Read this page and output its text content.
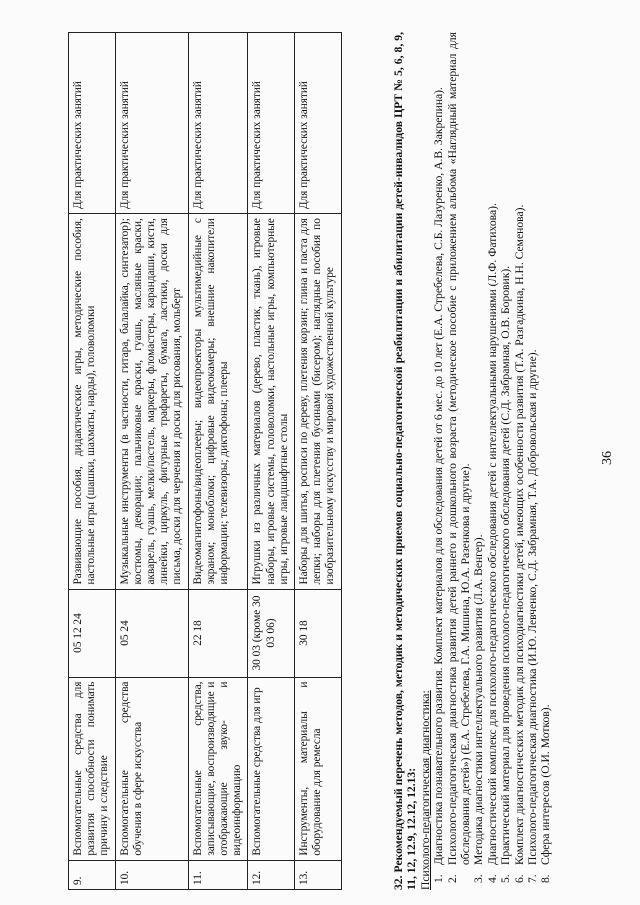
36
9.	Вспомогательные средства для развития способности понимать причину и следствие	05 12 24	Развивающие пособия, дидактические игры, методические пособия, настольные игры (шашки, шахматы, нарды), головоломки	Для практических занятий
10.	Вспомогательные средства обучения в сфере искусства	05 24	Музыкальные инструменты (в частности, гитара, балалайка, синтезатор); костюмы, декорации; пальчиковые краски, гуашь, масляные краски, акварель, гуашь, мелки/пастель, маркеры, фломастеры, карандаши, кисти, линейки, циркуль, фигурные трафареты, бумага, ластики, доски для письма, доски для черчения и доски для рисования, мольберт	Для практических занятий
11.	Вспомогательные средства, записывающие, воспроизводящие и отображающие звуко- и видеоинформацию	22 18	Видеомагнитофоны/видеоплееры; видеопроекторы мультимедийные с экраном; моноблоки; цифровые видеокамеры; внешние накопители информации; телевизоры; диктофоны; плееры	Для практических занятий
12.	Вспомогательные средства для игр	30 03 (кроме 30 03 06)	Игрушки из различных материалов (дерево, пластик, ткань), игровые наборы, игровые системы, головоломки, настольные игры, компьютерные игры, игровые ландшафтные столы	Для практических занятий
13.	Инструменты, материалы и оборудование для ремесла	30 18	Наборы для шитья, росписи по дереву, плетения корзин; глина и паста для лепки; наборы для плетения бусинами (бисером); наглядные пособия по изобразительному искусству и мировой художественной культуре	Для практических занятий	32. Рекомендуемый перечень методов, методик и методических приемов социально-педагогической реабилитации и абилитации детей-инвалидов ЦРТ № 5, 6, 8, 9, 11, 12, 12.9, 12.12, 12.13: Психолого-педагогическая диагностика: 1.
Диагностика познавательного развития. Комплект материалов для обследования детей от 6 мес. до 10 лет (Е.А. Стребелева, С.Б. Лазуренко, А.В. Закрепина).
2.
Психолого-педагогическая диагностика развития детей раннего и дошкольного возраста (методическое пособие с приложением альбома «Наглядный материал для обследования детей») (Е.А. Стребелева, Г.А. Мишина, Ю.А. Разенкова и другие).
3.
Методика диагностики интеллектуального развития (Л.А. Венгер).
4.
Диагностический комплекс для психолого-педагогического обследования детей с интеллектуальными нарушениями (Л.Ф. Фатихова).
5.
Практический материал для проведения психолого-педагогического обследования детей (С.Д. Забрамная, О.В. Боровик).
6.
Комплект диагностических методик для психодиагностики детей, имеющих особенности развития (Т.А. Разгадкина, Н.Н. Семенова).
7.
Психолого-педагогическая диагностика (И.Ю. Левченко, С.Д. Забрамная, Т.А. Добровольская и другие).
8.
Сфера интересов (О.И. Мотков).
